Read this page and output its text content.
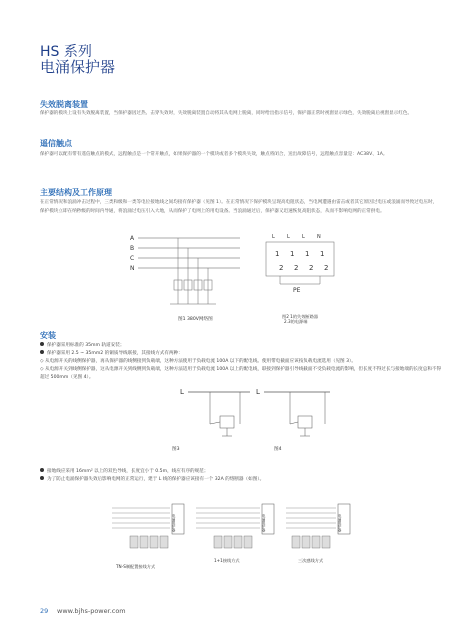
HS 系列
电涌保护器
失效脱离装置
保护器的模块上设有失效脱离装置，当保护器因过热、击穿失效时，失效脱离装置自动将其从电网上脱离，同时给出指示信号，保护器正常时视窗显示绿色，失效脱离后视窗显示红色。
遥信触点
保护器可以配有带有遥信触点的模式，远程触点是一个常开触点，如果保护器的一个模块或者多个模块失效，触点将闭合，送出故障信号，远程触点容量是：AC38V、1A。
主要结构及工作原理
在正常情况和浪涌冲击过程中，三类和级和一类等电位接地线之间均接有保护器（见图 1）。在正常情况下保护模块呈现高电阻状态，当电网遭遇由雷击或者其它原因过电压或浪涌而导致过电压时，保护模块立即在纳秒级的时间内导通，将浪涌过电压引入大地，从而保护了电网上的用电设备。当浪涌通过后，保护器又迅速恢复高阻状态，从而不影响电网的正常供电。
A
B
C
N
图1 380V网络图
L L L N
1 1 1 1
2 2 2 2
PE
图2 1的失效断路器
2.3的电源端
安装
保护器采用标准的 35mm 轨道安装；
保护器采用 2.5 ~ 35mm2 的铜质导线联接，其接线方式有两种：
◇ 从电源开关的线侧保护器，再从保护器的线侧接到负载端，这种方法使用于负载电流 100A 以下的配电线。使用带电截面应该按负载电流选用（见图 3）。
◇ 从电源开关到线侧保护器，这从电源开关到线侧到负载端，这种方法适用于负载电流 100A 以上的配电线，联接到保护器引导线截面不受负载电流的影响，但长度不得过长与接地端的长度总和不得超过 500mm（见图 4）。
L
图3
L
图4
接地线应采用 16mm² 以上的双色导线，长度宜小于 0.5m，线应有序的规范；
为了防止电涌保护器失效后影响电网的正常运行，建于 L 线的保护器应该接有一个 32A 的熔断器（如图）。
电涌保护器
TN-S制配置接线方式
电涌保护器
1+1接线方式
电涌保护器
三次感线方式
29 www.bjhs-power.com
